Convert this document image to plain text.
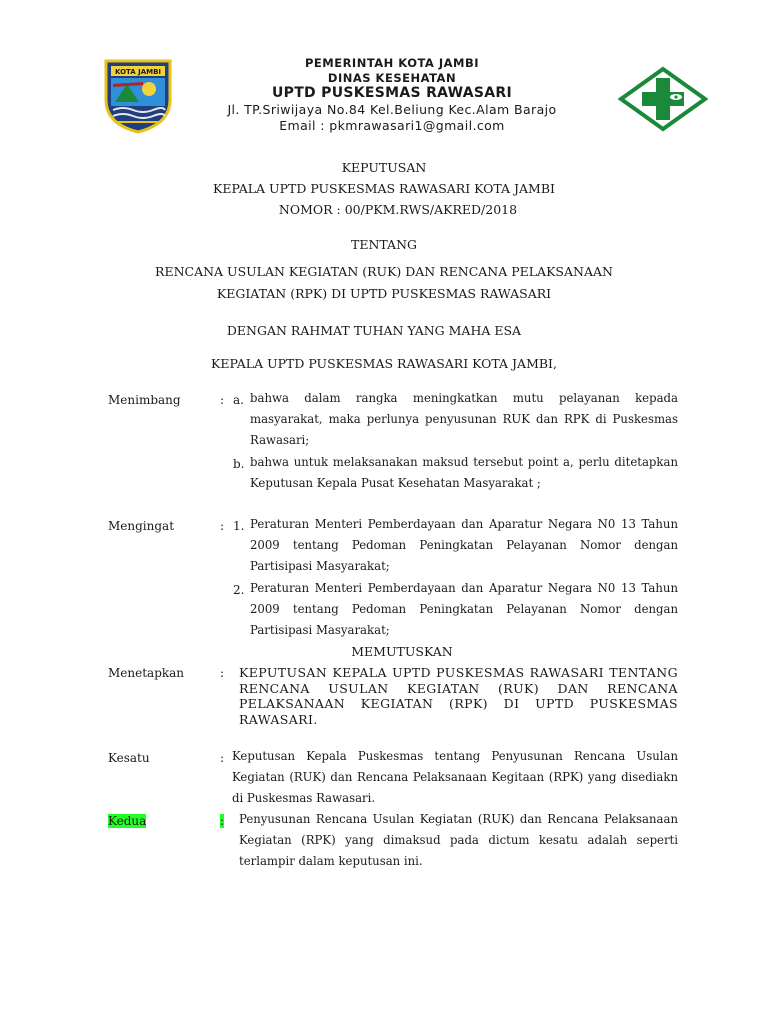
KOTA JAMBI
PEMERINTAH KOTA JAMBI
DINAS KESEHATAN
UPTD PUSKESMAS RAWASARI
Jl. TP.Sriwijaya No.84 Kel.Beliung Kec.Alam Barajo
Email : pkmrawasari1@gmail.com
KEPUTUSAN
KEPALA UPTD PUSKESMAS RAWASARI KOTA JAMBI
NOMOR : 00/PKM.RWS/AKRED/2018
TENTANG
RENCANA USULAN KEGIATAN (RUK) DAN RENCANA PELAKSANAAN
KEGIATAN (RPK) DI UPTD PUSKESMAS RAWASARI
DENGAN RAHMAT TUHAN YANG MAHA ESA
KEPALA UPTD PUSKESMAS RAWASARI KOTA JAMBI,
Menimbang	: a. bahwa dalam rangka meningkatkan mutu pelayanan kepada masyarakat, maka perlunya penyusunan RUK dan RPK di Puskesmas Rawasari;
b. bahwa untuk melaksanakan maksud tersebut point a, perlu ditetapkan Keputusan Kepala Pusat Kesehatan Masyarakat ;
Mengingat	: 1. Peraturan Menteri Pemberdayaan dan Aparatur Negara N0 13 Tahun 2009 tentang Pedoman Peningkatan Pelayanan Nomor dengan Partisipasi Masyarakat;
2. Peraturan Menteri Pemberdayaan dan Aparatur Negara N0 13 Tahun 2009 tentang Pedoman Peningkatan Pelayanan Nomor dengan Partisipasi Masyarakat;
MEMUTUSKAN
Menetapkan	: KEPUTUSAN KEPALA UPTD PUSKESMAS RAWASARI TENTANG RENCANA USULAN KEGIATAN (RUK) DAN RENCANA PELAKSANAAN KEGIATAN (RPK) DI UPTD PUSKESMAS RAWASARI.
Kesatu	: Keputusan Kepala Puskesmas tentang Penyusunan Rencana Usulan Kegiatan (RUK) dan Rencana Pelaksanaan Kegitaan (RPK) yang disediakn di Puskesmas Rawasari.
Kedua	: Penyusunan Rencana Usulan Kegiatan (RUK) dan Rencana Pelaksanaan Kegiatan (RPK) yang dimaksud pada dictum kesatu adalah seperti terlampir dalam keputusan ini.
